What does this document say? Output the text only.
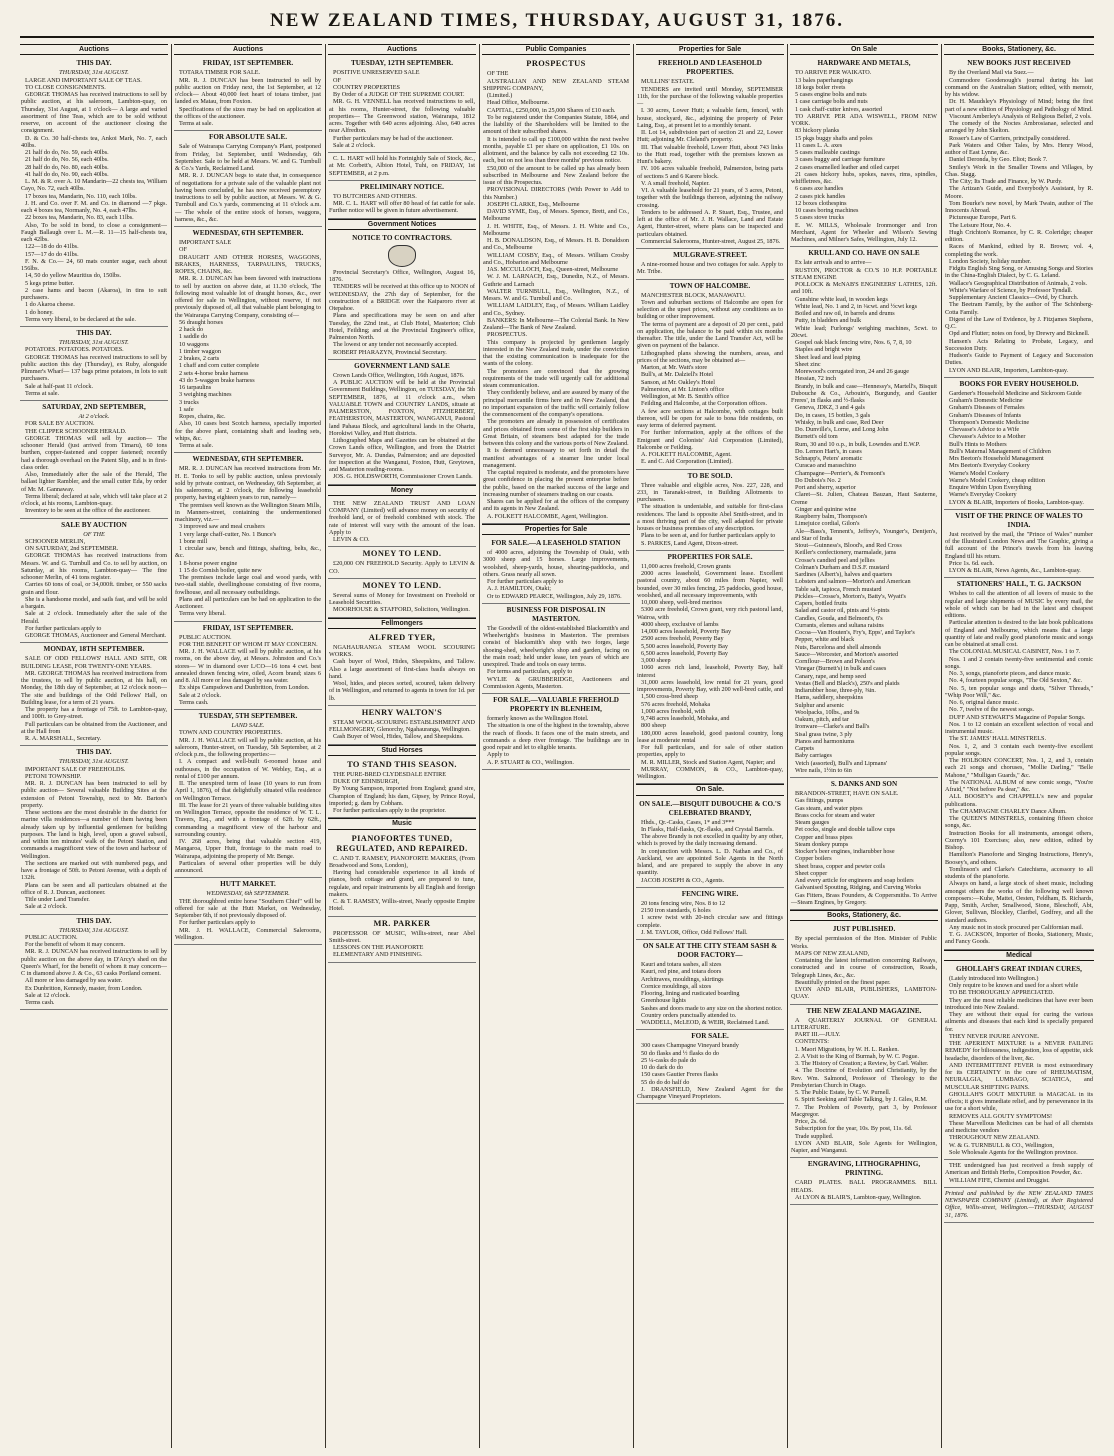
NEW ZEALAND TIMES, THURSDAY, AUGUST 31, 1876.
Auctions
THIS DAY.
THURSDAY, 31st AUGUST.

LARGE AND IMPORTANT SALE OF TEAS.

TO CLOSE CONSIGNMENTS.

GEORGE THOMAS has received instructions to sell by public auction, at his saleroom, Lambton-quay, on Thursday, 31st August, at 1 o'clock— A large and varied assortment of fine Teas, which are to be sold without reserve, on account of the auctioneer closing the consignment.

D. & Co. 30 half-chests tea, Ankoi Mark, No. 7, each 40lbs.

21 half do do, No. 59, each 40lbs.

21 half do do, No. 56, each 40lbs.

28 half do do, No. 80, each 40lbs.

41 half do do, No. 90, each 40lbs.

L. M. & R. over A. 10 Mandarin—22 chests tea, William Cayo, No. 72, each 40lbs.

17 boxes tea, Mandarin, No. 110, each 10lbs.

J. H. and Co. over F. M. and Co. in diamond —7 pkgs. each 4 boxes tea, Normanly, No. 4, each 47lbs.

22 boxes tea, Mandarin, No. 83, each 11lbs.

Also, To be sold in bond, to close a consignment— Faugh Ballaugh over L. M.—R. 11—15 half-chests tea, each 42lbs.

122—18 do do 41lbs.

157—17 do do 41lbs.

F. N. & Co.— 24, 60 mats counter sugar, each about 156lbs.

14, 50 do yellow Mauritius do, 150lbs.

5 kegs prime butter.

2 case hams and bacon (Akaroa), in tins to suit purchasers.

1 do Akaroa cheese.

1 do honey.

Terms very liberal, to be declared at the sale.

THIS DAY.
THURSDAY, 31st AUGUST.

POTATOES. POTATOES. POTATOES.

GEORGE THOMAS has received instructions to sell by public auction this day (Thursday), ex Ruby, alongside Plimmer's Wharf— 137 bags prime potatoes, in lots to suit purchasers.

Sale at half-past 11 o'clock.

Terms at sale.

SATURDAY, 2ND SEPTEMBER,
At 2 o'clock.

FOR SALE BY AUCTION.

THE CLIPPER SCHOONER HERALD.

GEORGE THOMAS will sell by auction— The schooner Herald (just arrived from Timaru), 60 tons burthen, copper-fastened and copper fastened; recently had a thorough overhaul on the Patent Slip, and is in first-class order.

Also, Immediately after the sale of the Herald, The ballast lighter Rambler, and the small cutter Eda, by order of Mr. M. Gannaway.

Terms liberal; declared at sale, which will take place at 2 o'clock, at his rooms, Lambton-quay.

Inventory to be seen at the office of the auctioneer.

SALE BY AUCTION
OF THE

SCHOONER MERLIN,

ON SATURDAY, 2nd SEPTEMBER.

GEORGE THOMAS has received instructions from Messrs. W. and G. Turnbull and Co. to sell by auction, on Saturday, at his rooms, Lambton-quay— The fine schooner Merlin, of 41 tons register.

Carries 60 tons of coal, or 34,000ft. timber, or 550 sacks grain and flour.

She is a handsome model, and sails fast, and will be sold a bargain.

Sale at 2 o'clock. Immediately after the sale of the Herald.

For further particulars apply to

GEORGE THOMAS, Auctioneer and General Merchant.

MONDAY, 18TH SEPTEMBER.

SALE OF ODD FELLOWS' HALL AND SITE, OR BUILDING LEASE, FOR TWENTY-ONE YEARS.

MR. GEORGE THOMAS has received instructions from the trustees, to sell by public auction, at his hall, on Monday, the 18th day of September, at 12 o'clock noon— The site and buildings of the Odd Fellows' Hall, on Building lease, for a term of 21 years.

The property has a frontage of 75ft. to Lambton-quay, and 100ft. to Grey-street.

Full particulars can be obtained from the Auctioneer, and at the Hall from

R. A. MARSHALL, Secretary.

THIS DAY.
THURSDAY, 31st AUGUST.

IMPORTANT SALE OF FREEHOLDS.

PETONI TOWNSHIP.

MR. R. J. DUNCAN has been instructed to sell by public auction— Several valuable Building Sites at the extension of Petoni Township, next to Mr. Barton's property.

These sections are the most desirable in the district for marine villa residences—a number of them having been already taken up by influential gentlemen for building purposes. The land is high, level, upon a gravel subsoil, and within ten minutes' walk of the Petoni Station, and commands a magnificent view of the town and harbour of Wellington.

The sections are marked out with numbered pegs, and have a frontage of 50ft. to Petoni Avenue, with a depth of 132ft.

Plans can be seen and all particulars obtained at the office of R. J. Duncan, auctioneer.

Title under Land Transfer.

Sale at 2 o'clock.

THIS DAY.
THURSDAY, 31st AUGUST.

PUBLIC AUCTION.

For the benefit of whom it may concern.

MR. R. J. DUNCAN has received instructions to sell by public auction on the above day, in D'Arcy's shed on the Queen's Wharf, for the benefit of whom it may concern— C in diamond above J. & Co., 63 casks Portland cement.

All more or less damaged by sea water.

Ex Dunbritton, Kennedy, master, from London.

Sale at 12 o'clock.

Terms cash.

Auctions
FRIDAY, 1ST SEPTEMBER.

TOTARA TIMBER FOR SALE.

MR. R. J. DUNCAN has been instructed to sell by public auction on Friday next, the 1st September, at 12 o'clock— About 40,000 feet heart of totara timber, just landed ex Matau, from Foxton.

Specifications of the sizes may be had on application at the offices of the auctioneer.

Terms at sale.

FOR ABSOLUTE SALE.

Sale of Wairarapa Carrying Company's Plant, postponed from Friday, 1st September, until Wednesday, 6th September. Sale to be held at Messrs. W. and G. Turnbull & Co.'s Yards, Reclaimed Land.

MR. R. J. DUNCAN begs to state that, in consequence of negotiations for a private sale of the valuable plant not having been concluded, he has now received peremptory instructions to sell by public auction, at Messrs. W. & G. Turnbull and Co.'s yards, commencing at 11 o'clock a.m.— The whole of the entire stock of horses, waggons, harness, &c., &c.

WEDNESDAY, 6TH SEPTEMBER.

IMPORTANT SALE

OF

DRAUGHT AND OTHER HORSES, WAGGONS, BRAKES, HARNESS, TARPAULINS, TRUCKS, ROPES, CHAINS, &c.

MR. R. J. DUNCAN has been favored with instructions to sell by auction on above date, at 11.30 o'clock, The following most valuable lot of draught horses, &c., over offered for sale in Wellington, without reserve, if not previously disposed of, all that valuable plant belonging to the Wairarapa Carrying Company, consisting of—

56 draught horses

2 hack do

1 saddle do

10 waggons

1 timber waggon

2 brakes, 2 carts

1 chaff and corn cutter complete

2 sets 4-horse brake harness

43 do 5-waggon brake harness

16 tarpaulins

3 weighing machines

3 trucks

1 safe

Ropes, chains, &c.

Also, 10 cases best Scotch harness, specially imported for the above plant, containing shaft and leading sets, whips, &c.

Terms at sale.

WEDNESDAY, 6TH SEPTEMBER.

MR. R. J. DUNCAN has received instructions from Mr. H. E. Tonks to sell by public auction, unless previously sold by private contract, on Wednesday, 6th September, at his salerooms, at 2 o'clock, the following leasehold property, having eighteen years to run, namely—

The premises well known as the Wellington Steam Mills, in Manners-street, containing the undermentioned machinery, viz.—

3 improved saw and meal crushers

1 very large chaff-cutter, No. 1 Bunce's

1 bone mill

1 circular saw, bench and fittings, shafting, belts, &c., &c.

1 8-horse power engine

1 15 do Cornish boiler, quite new

The premises include large coal and wood yards, with two-stall stable, dwellinghouse consisting of five rooms, fowlhouse, and all necessary outbuildings.

Plans and all particulars can be had on application to the Auctioneer.

Terms very liberal.

FRIDAY, 1ST SEPTEMBER.

PUBLIC AUCTION.

FOR THE BENEFIT OF WHOM IT MAY CONCERN.

MR. J. H. WALLACE will sell by public auction, at his rooms, on the above day, at Messrs. Johnston and Co.'s stores— W in diamond over L/CO—16 tons 4 cwt. best annealed drawn fencing wire, oiled, Acorn brand; sizes 6 and 8. All more or less damaged by sea water.

Ex ships Campsdown and Dunbritton, from London.

Sale at 2 o'clock.

Terms cash.

TUESDAY, 5TH SEPTEMBER.
LAND SALE.

TOWN AND COUNTRY PROPERTIES.

MR. J. H. WALLACE will sell by public auction, at his saleroom, Hunter-street, on Tuesday, 5th September, at 2 o'clock p.m., the following properties:—

I. A compact and well-built 6-roomed house and outhouses, in the occupation of W. Webley, Esq., at a rental of £100 per annum.

II. The unexpired term of lease (10 years to run from April 1, 1876), of that delightfully situated villa residence on Wellington Terrace.

III. The lease for 21 years of three valuable building sites on Wellington Terrace, opposite the residence of W. T. L. Travers, Esq., and with a frontage of 62ft. by 62ft., commanding a magnificent view of the harbour and surrounding country.

IV. 268 acres, being that valuable section 419, Mangaroa, Upper Hutt, frontage to the main road to Wairarapa, adjoining the property of Mr. Benge.

Particulars of several other properties will be duly announced.

HUTT MARKET.
WEDNESDAY, 6th SEPTEMBER.

THE thoroughbred entire horse "Southern Chief" will be offered for sale at the Hutt Market, on Wednesday, September 6th, if not previously disposed of.

For further particulars apply to

MR. J. H. WALLACE, Commercial Salerooms, Wellington.

Auctions
TUESDAY, 12TH SEPTEMBER.

POSITIVE UNRESERVED SALE

OF

COUNTRY PROPERTIES

By Order of a JUDGE OF THE SUPREME COURT.

MR. G. H. VENNELL has received instructions to sell, at his rooms, Hunter-street, the following valuable properties— The Greenwood station, Wairarapa, 1812 acres. Together with 640 acres adjoining. Also, 640 acres near Alfredton.

Further particulars may be had of the auctioneer.

Sale at 2 o'clock.

C. L. HART will hold his Fortnightly Sale of Stock, &c., at Mr. Corbett's, Albion Hotel, Tuhi, on FRIDAY, 1st SEPTEMBER, at 2 p.m.

PRELIMINARY NOTICE.

TO BUTCHERS AND OTHERS.

MR. C. L. HART will offer 80 head of fat cattle for sale. Further notice will be given in future advertisement.

Government Notices
NOTICE TO CONTRACTORS.

Provincial Secretary's Office, Wellington, August 16, 1876.

TENDERS will be received at this office up to NOON of WEDNESDAY, the 27th day of September, for the construction of a BRIDGE over the Kaiparoro river at Otepahoe.

Plans and specifications may be seen on and after Tuesday, the 22nd inst., at Club Hotel, Masterton; Club Hotel, Feilding; and at the Provincial Engineer's office, Palmerston North.

The lowest or any tender not necessarily accepted.

ROBERT PHARAZYN, Provincial Secretary.

GOVERNMENT LAND SALE

Crown Lands Office, Wellington, 16th August, 1876.

A PUBLIC AUCTION will be held at the Provincial Government Buildings, Wellington, on TUESDAY, the 5th SEPTEMBER, 1876, at 11 o'clock a.m., when VALUABLE TOWN and COUNTRY LANDS, situate at PALMERSTON, FOXTON, FITZHERBERT, FEATHERSTON, MASTERTON, WANGANUI, Pastoral land Pahaua Block, and agricultural lands in the Ohariu, Horokiwi Valley, and Hutt districts.

Lithographed Maps and Gazettes can be obtained at the Crown Lands office, Wellington, and from the District Surveyor, Mr. A. Dundas, Palmerston; and are deposited for inspection at the Wanganui, Foxton, Hutt, Greytown, and Masterton reading-rooms.

JOS. G. HOLDSWORTH, Commissioner Crown Lands.

Money

THE NEW ZEALAND TRUST AND LOAN COMPANY (Limited) will advance money on security of freehold land, or of freehold combined with stock. The rate of interest will vary with the amount of the loan. Apply to

LEVIN & CO.

MONEY TO LEND.

£20,000 ON FREEHOLD Security. Apply to LEVIN & CO.

MONEY TO LEND.

Several sums of Money for Investment on Freehold or Leasehold Securities.

MOORHOUSE & STAFFORD, Solicitors, Wellington.

Fellmongers
ALFRED TYER,

NGAHAURANGA STEAM WOOL SCOURING WORKS.

Cash buyer of Wool, Hides, Sheepskins, and Tallow. Also a large assortment of first-class basils always on hand.

Wool, hides, and pieces sorted, scoured, taken delivery of in Wellington, and returned to agents in town for 1d. per lb.

HENRY WALTON'S

STEAM WOOL-SCOURING ESTABLISHMENT AND FELLMONGERY, Glenorchy, Ngahauranga, Wellington.

Cash Buyer of Wool, Hides, Tallow, and Sheepskins.

Stud Horses
TO STAND THIS SEASON.

THE PURE-BRED CLYDESDALE ENTIRE

DUKE OF EDINBURGH,

By Young Sampson, imported from England; grand sire, Champion of England; his dam, Gipsey, by Prince Royal, imported; g. dam by Cobham.

For further particulars apply to the proprietor.

Music
PIANOFORTES TUNED, REGULATED, AND REPAIRED.

C. AND T. RAMSEY, PIANOFORTE MAKERS, (From Broadwood and Sons, London),

Having had considerable experience in all kinds of pianos, both cottage and grand, are prepared to tune, regulate, and repair instruments by all English and foreign makers.

C. & T. RAMSEY, Willis-street, Nearly opposite Empire Hotel.

MR. PARKER

PROFESSOR OF MUSIC, Willis-street, near Abel Smith-street.

LESSONS ON THE PIANOFORTE

ELEMENTARY AND FINISHING.

Public Companies
PROSPECTUS

OF THE

AUSTRALIAN AND NEW ZEALAND STEAM SHIPPING COMPANY,

(Limited.)

Head Office, Melbourne.

CAPITAL, £250,000, in 25,000 Shares of £10 each.

To be registered under the Companies Statute, 1864, and the liability of the Shareholders will be limited to the amount of their subscribed shares.

It is intended to call up £100,000 within the next twelve months, payable £1 per share on application, £1 10s. on allotment, and the balance by calls not exceeding £2 10s. each, but on not less than three months' previous notice.

£50,000 of the amount to be called up has already been subscribed in Melbourne and New Zealand before the issue of this Prospectus.

PROVISIONAL DIRECTORS (With Power to Add to this Number.)

JOSEPH CLARKE, Esq., Melbourne

DAVID SYME, Esq., of Messrs. Spence, Brett, and Co., Melbourne

J. H. WHITE, Esq., of Messrs. J. H. White and Co., Melbourne

H. B. DONALDSON, Esq., of Messrs. H. B. Donaldson and Co., Melbourne

WILLIAM COSBY, Esq., of Messrs. William Crosby and Co., Hobarton and Melbourne

JAS. MCCULLOCH, Esq., Queen-street, Melbourne

W. J. M. LARNACH, Esq., Dunedin, N.Z., of Messrs. Guthrie and Larnach

WALTER TURNBULL, Esq., Wellington, N.Z., of Messrs. W. and G. Turnbull and Co.

WILLIAM LAIDLEY, Esq., of Messrs. William Laidley and Co., Sydney.

BANKERS: In Melbourne—The Colonial Bank. In New Zealand—The Bank of New Zealand.

PROSPECTUS.

This company is projected by gentlemen largely interested in the New Zealand trade, under the conviction that the existing communication is inadequate for the wants of the colony.

The promoters are convinced that the growing requirements of the trade will urgently call for additional steam communication.

They confidently believe, and are assured by many of the principal mercantile firms here and in New Zealand, that no important expansion of the traffic will certainly follow the commencement of the company's operations.

The promoters are already in possession of certificates and prices obtained from some of the first ship builders in Great Britain, of steamers best adapted for the trade between this colony and the various ports of New Zealand.

It is deemed unnecessary to set forth in detail the manifest advantages of a steamer line under local management.

The capital required is moderate, and the promoters have great confidence in placing the present enterprise before the public, based on the marked success of the large and increasing number of steamers trading on our coasts.

Shares can be applied for at the offices of the company and its agents in New Zealand.

A. FOLKETT HALCOMBE, Agent, Wellington.

Properties for Sale
FOR SALE.—A LEASEHOLD STATION

of 4000 acres, adjoining the Township of Otaki, with 3000 sheep and 15 horses. Large improvements, woolshed, sheep-yards, house, shearing-paddocks, and others. Grass nearly all sown.

For further particulars apply to

A. J. HAMILTON, Otaki;

Or to EDWARD PEARCE, Wellington, July 29, 1876.

BUSINESS FOR DISPOSAL IN MASTERTON.

The Goodwill of the oldest-established Blacksmith's and Wheelwright's business in Masterton. The premises consist of blacksmith's shop with two forges, large shoeing-shed, wheelwright's shop and garden, facing on the main road; held under lease, ten years of which are unexpired. Trade and tools on easy terms.

For terms and particulars, apply to

WYLIE & GRUBBERIDGE, Auctioneers and Commission Agents, Masterton.

FOR SALE.—VALUABLE FREEHOLD PROPERTY IN BLENHEIM,

formerly known as the Wellington Hotel.

The situation is one of the highest in the township, above the reach of floods. It faces one of the main streets, and commands a deep river frontage. The buildings are in good repair and let to eligible tenants.

Apply to

A. P. STUART & CO., Wellington.

Properties for Sale
FREEHOLD AND LEASEHOLD PROPERTIES.

MULLINS' ESTATE.

TENDERS are invited until Monday, SEPTEMBER 11th, for the purchase of the following valuable properties—

I. 30 acres, Lower Hutt; a valuable farm, fenced, with house, stockyard, &c., adjoining the property of Peter Laing, Esq., at present let to a monthly tenant.

II. Lot 14, subdivision part of section 21 and 22, Lower Hutt; adjoining Mr. Cleland's property.

III. That valuable freehold, Lower Hutt, about 743 links to the Hutt road, together with the premises known as Hunt's bakery.

IV. 106 acres valuable freehold, Palmerston, being parts of sections 5 and 6 Karere block.

V. A small freehold, Napier.

VI. A valuable leasehold for 21 years, of 3 acres, Petoni, together with the buildings thereon, adjoining the railway crossing.

Tenders to be addressed A. P. Stuart, Esq., Trustee, and left at the office of Mr. J. H. Wallace, Land and Estate Agent, Hunter-street, where plans can be inspected and particulars obtained.

Commercial Salerooms, Hunter-street, August 25, 1876.

MULGRAVE-STREET.

A nine-roomed house and two cottages for sale. Apply to Mr. Tribe.

TOWN OF HALCOMBE.

MANCHESTER BLOCK, MANAWATU.

Town and suburban sections of Halcombe are open for selection at the upset prices, without any conditions as to building or other improvement.

The terms of payment are a deposit of 20 per cent., paid on application, the balance to be paid within six months thereafter. The title, under the Land Transfer Act, will be given on payment of the balance.

Lithographed plans showing the numbers, areas, and prices of the sections, may be obtained at—

Marton, at Mr. Watt's store

Bull's, at Mr. Dalziell's Hotel

Sanson, at Mr. Oakley's Hotel

Palmerston, at Mr. Linton's office

Wellington, at Mr. B. Smith's office

Feilding and Halcombe, at the Corporation offices.

A few acre sections at Halcombe, with cottages built thereon, will be open for sale to bona fide residents, on easy terms of deferred payment.

For further information, apply at the offices of the Emigrant and Colonists' Aid Corporation (Limited), Halcombe or Feilding.

A. FOLKETT HALCOMBE, Agent.

E. and C. Aid Corporation (Limited).

TO BE SOLD.

Three valuable and eligible acres, Nos. 227, 228, and 233, in Taranaki-street, in Building Allotments to purchasers.

The situation is undeniable, and suitable for first-class residences. The land is opposite Abel Smith-street, and in a most thriving part of the city, well adapted for private houses or business premises of any description.

Plans to be seen at, and for further particulars apply to

S. PARKES, Land Agent, Dixon-street.

PROPERTIES FOR SALE.

11,000 acres freehold, Crown grants

2000 acres leasehold, Government lease. Excellent pastoral country, about 60 miles from Napier, well bounded, over 30 miles fencing, 25 paddocks, good house, woolshed, and all necessary improvements, with

10,000 sheep, well-bred merinos

5300 acre freehold, Crown grant, very rich pastoral land, Wairoa, with

4000 sheep, exclusive of lambs

14,000 acres leasehold, Poverty Bay

2500 acres freehold, Poverty Bay

5,500 acres leasehold, Poverty Bay

6,500 acres leasehold, Poverty Bay

3,000 sheep

1060 acres rich land, leasehold, Poverty Bay, half interest

31,000 acres leasehold, low rental for 21 years, good improvements, Poverty Bay, with 200 well-bred cattle, and

1,500 cross-bred sheep

576 acres freehold, Mohaka

1,000 acres freehold, with

9,748 acres leasehold, Mohaka, and

800 sheep

180,000 acres leasehold, good pastoral country, long lease at moderate rental

For full particulars, and for sale of other station properties, apply to

M. R. MILLER, Stock and Station Agent, Napier; and

MURRAY, COMMON, & CO., Lambton-quay, Wellington.

On Sale.
ON SALE.—BISQUIT DUBOUCHE & CO.'S CELEBRATED BRANDY,

Hhds., Qr.-Casks, Cases, 1* and 3***

In Flasks, Half-flasks, Qr.-flasks, and Crystal Barrels.

The above Brandy is not excelled in quality by any other, which is proved by the daily increasing demand.

In conjunction with Messrs. L. D. Nathan and Co., of Auckland, we are appointed Sole Agents in the North Island, and are prepared to supply the above in any quantity.

JACOB JOSEPH & CO., Agents.

FENCING WIRE.

20 tons fencing wire, Nos. 8 to 12

2150 iron standards, 6 holes

1 screw twist with 20-inch circular saw and fittings complete.

J. M. TAYLOR, Office, Odd Fellows' Hall.

ON SALE AT THE CITY STEAM SASH & DOOR FACTORY—

Kauri and totara sashes, all sizes

Kauri, red pine, and totara doors

Architraves, mouldings, skirtings

Cornice mouldings, all sizes

Flooring, lining and rusticated boarding

Greenhouse lights

Sashes and doors made to any size on the shortest notice.

Country orders punctually attended to.

WADDELL, McLEOD, & WEIR, Reclaimed Land.

FOR SALE.

300 cases Champagne Vineyard brandy

50 do flasks and ½ flasks do do

25 ¼-casks do pale do

10 do dark do do

150 cases Gautier Freres flasks

55 do do do half do

J. DRANSFIELD, New Zealand Agent for the Champagne Vineyard Proprietors.

On Sale
HARDWARE AND METALS,

TO ARRIVE PER WAIKATO.

13 bales paperhangings

18 kegs boiler rivets

5 cases engine bolts and nuts

1 case carriage bolts and nuts

1 cask chaff-cutter knives, assorted

TO ARRIVE PER ADA WISWELL, FROM NEW YORK.

83 hickory planks

15 pkgs buggy shafts and poles

11 cases L. A. axes

5 cases malleable castings

3 cases buggy and carriage furniture

2 cases enamelled leather and oiled carpet

21 cases hickory hubs, spokes, naves, rims, spindles, whiffletrees, &c.

6 cases axe handles

2 cases pick handles

12 boxes clothespins

10 cases boring machines

5 cases stove trucks

E. W. MILLS, Wholesale Ironmonger and Iron Merchant, Agent for Wheeler and Wilson's Sewing Machines, and Milner's Safes, Wellington, July 12.

KRULL AND CO. HAVE ON SALE

Ex late arrivals and to arrive—

RUSTON, PROCTOR & CO.'S 10 H.P. PORTABLE STEAM ENGINE

POLLOCK & McNAB'S ENGINEERS' LATHES, 12ft. and 10ft.

Gunshine white lead, in wooden kegs

White lead, No. 1 and 2, in ¼cwt. and ½cwt kegs

Boiled and raw oil, in barrels and drums

Putty, in bladders and bulk

White lead; Furlongs' weighing machines, 5cwt. to 20cwt.

Gospel oak black fencing wire, Nos. 6, 7, 8, 10

Staples and bright wire

Sheet lead and lead piping

Sheet zinc

Morewood's corrugated iron, 24 and 26 gauge

Hessian, 72 inch

Brandy, in bulk and case—Hennessy's, Martell's, Bisquit Dubouche & Co., Arbouin's, Burgundy, and Gautier Freres', in flasks and ½-flasks

Geneva, JDKZ, 3 and 4 gals

Do, in cases, 15 bottles, 3 gals

Whisky, in bulk and case, Red Deer

Do. Dunville's, Lorne, and Long John

Burnett's old tom

Rum, 30 and 10 o.p., in bulk, Lowndes and E.W.P.

Do. Lemon Hart's, in cases

Schnapp's, Peters' aromatic

Curacao and maraschino

Champagne—Perrier's, & Fremont's

Do Dubois's No. 2

Port and sherry, superior

Claret—St. Julien, Chateau Bauzan, Haut Sauterne, Creme

Ginger and quinine wine

Raspberry balm, Thompson's

Limejuice cordial, Gilon's

Ale—Bass's, Tennent's, Jeffrey's, Younger's, Dentjen's, and Star of India

Stout—Guinness's, Blood's, and Red Cross

Keiller's confectionery, marmalade, jams

Crosse's candied peel and jellies

Colman's Durham and D.S.F. mustard

Sardines (Albert's), halves and quarters

Lobsters and salmon—Morton's and American

Table salt, tapioca, French mustard

Pickles—Crosse's, Morton's, Batty's, Wyatt's

Capers, bottled fruits

Salad and castor oil, pints and ½-pints

Candles, Gouda, and Belmont's, 6's

Currants, elemes and sultana raisins

Cocoa—Van Houten's, Fry's, Epps', and Taylor's

Pepper, white and black

Nuts, Barcelona and shell almonds

Sauce—Worcester, and Morton's assorted

Cornflour—Brown and Polson's

Vinegar (Burnett's) in bulk and cases

Canary, rape, and hemp seed

Vestas (Bell and Black's), 250's and plaids

Indiarubber hose, three-ply, ⅜in.

Hams, saddlery, sheepskins

Sulphur and arsenic

Woolpacks, 10lbs., and 9s

Oakum, pitch, and tar

Ironware—Clarke's and Ball's

Sisal grass twine, 3 ply

Pianos and harmoniums

Carpets

Baby carriages

Vetch (assorted), Bull's and Lipmans'

Wire nails, 1½in to 6in

S. DANKS AND SON

BRANDON-STREET, HAVE ON SALE.

Gas fittings, pumps

Gas steam, and water pipes

Brass cocks for steam and water

Steam gauges

Pet cocks, single and double tallow cups

Copper and brass pipes

Steam donkey pumps

Stocker's beer engines, indiarubber hose

Copper boilers

Sheet brass, copper and pewter coils

Sheet copper

And every article for engineers and soap boilers

Galvanised Spouting, Ridging, and Curving Works

Gas Fitters, Brass Founders, & Coppersmiths. To Arrive—Steam Engines, by Gregory.

Books, Stationery, &c.
JUST PUBLISHED.

By special permission of the Hon. Minister of Public Works.

MAPS OF NEW ZEALAND,

Containing the latest information concerning Railways, constructed and in course of construction, Roads, Telegraph Lines, &c., &c.

Beautifully printed on the finest paper.

LYON AND BLAIR, PUBLISHERS, LAMBTON-QUAY.

THE NEW ZEALAND MAGAZINE.

A QUARTERLY JOURNAL OF GENERAL LITERATURE.

PART III.—JULY.

CONTENTS:

1. Maori Migrations, by W. H. L. Ranken.

2. A Visit to the King of Burmah, by W. C. Pogue.

3. The History of Creation; a Review, by Carl. Walter.

4. The Doctrine of Evolution and Christianity, by the Rev. Wm. Salmond, Professor of Theology to the Presbyterian Church in Otago.

5. The Public Estate, by C. W. Purnell.

6. Spirit Seeking and Table Talking, by J. Giles, R.M.

7. The Problem of Poverty, part 3, by Professor Macgregor.

Price, 2s. 6d.

Subscription for the year, 10s. By post, 11s. 6d.

Trade supplied.

LYON AND BLAIR, Sole Agents for Wellington, Napier, and Wanganui.

ENGRAVING, LITHOGRAPHING, PRINTING.

CARD PLATES. BALL PROGRAMMES. BILL HEADS.

At LYON & BLAIR'S, Lambton-quay, Wellington.

Books, Stationery, &c.
NEW BOOKS JUST RECEIVED

By the Overland Mail via Suez.—

Commodore Goodenough's journal during his last command on the Australian Station; edited, with memoir, by his widow.

Dr. H. Maudsley's Physiology of Mind; being the first part of a new edition of Physiology and Pathology of Mind.

Viscount Amberley's Analysis of Religious Belief, 2 vols.

The comedy of the Noctes Ambrosianae, selected and arranged by John Skelton.

Rosser's Law of Carriers, principally considered.

Park Waters and Other Tales, by Mrs. Henry Wood, author of East Lynne, &c.

Daniel Deronda, by Geo. Eliot; Book 7.

Smiley's Work in the Smaller Towns and Villages, by Chas. Stagg.

The City; Its Trade and Finance, by W. Purdy.

The Artizan's Guide, and Everybody's Assistant, by R. Moore.

Tom Bourke's new novel, by Mark Twain, author of The Innocents Abroad.

Picturesque Europe, Part 6.

The Leisure Hour, No. 4.

Hugh Crichton's Romance, by C. R. Coleridge; cheaper edition.

Races of Mankind, edited by R. Brown; vol. 4, completing the work.

London Society, holiday number.

Fidgits English Sing Song, or Amusing Songs and Stories in the China-English Dialect, by C. G. Leland.

Wallace's Geographical Distribution of Animals, 2 vols.

White's Warfare of Science, by Professor Tyndall.

Supplementary Ancient Classics—Ovid, by Church.

The Beetram Family, by the author of The Schönberg-Cotta Family.

Digest of the Law of Evidence, by J. Fitzjames Stephens, Q.C.

Opd and Flutter; notes on food, by Drewry and Bicknell.

Hansen's Acts Relating to Probate, Legacy, and Succession Duty.

Hudson's Guide to Payment of Legacy and Succession Duties.

LYON AND BLAIR, Importers, Lambton-quay.

BOOKS FOR EVERY HOUSEHOLD.

Gardener's Household Medicine and Sickroom Guide

Graham's Domestic Medicine

Graham's Diseases of Females

Graham's Diseases of Infants

Thompson's Domestic Medicine

Chevasse's Advice to a Wife

Chevasse's Advice to a Mother

Bull's Hints to Mothers

Bull's Maternal Management of Children

Mrs Beeton's Household Management

Mrs Beeton's Everyday Cookery

Warne's Model Cookery

Warne's Model Cookery, cheap edition

Enquire Within Upon Everything

Warne's Everyday Cookery

LYON & BLAIR, Importers of Books, Lambton-quay.

VISIT OF THE PRINCE OF WALES TO INDIA.

Just received by the mail, the "Prince of Wales" number of the Illustrated London News and The Graphic, giving a full account of the Prince's travels from his leaving England till his return.

Price 1s. 6d. each.

LYON & BLAIR, News Agents, &c., Lambton-quay.

STATIONERS' HALL, T. G. JACKSON

Wishes to call the attention of all lovers of music to the regular and large shipments of MUSIC by every mail, the whole of which can be had in the latest and cheapest editions.

Particular attention is desired to the late book publications of England and Melbourne, which means that a large quantity of late and really good pianoforte music and songs can be obtained at small cost.

The COLONIAL MUSICAL CABINET, Nos. 1 to 7.

Nos. 1 and 2 contain twenty-five sentimental and comic songs.

No. 3, songs, pianoforte pieces, and dance music.

No. 4, fourteen popular songs, "The Old Sexton," &c.

No. 5, ten popular songs and duets, "Silver Threads," "Whip Poor Will," &c.

No. 6, original dance music.

No. 7, twelve of the newest songs.

DUFF AND STEWART'S Magazine of Popular Songs.

Nos. 1 to 12 contain an excellent selection of vocal and instrumental music.

The ST. JAMES' HALL MINSTRELS.

Nos. 1, 2, and 3 contain each twenty-five excellent popular songs.

The HOLBORN CONCERT, Nos. 1, 2, and 3, contain each 21 songs and choruses, "Mollie Darling," "Belle Mahone," "Mulligan Guards," &c.

The NATIONAL ALBUM of new comic songs, "You're Afraid," "Not before Pa dear," &c.

ALL BOOSEY's and CHAPPELL's new and popular publications.

The CHAMPAGNE CHARLEY Dance Album.

The QUEEN'S MINSTRELS, containing fifteen choice songs, &c.

Instruction Books for all instruments, amongst others, Czerny's 101 Exercises; also, new edition, edited by Bishop.

Hamilton's Pianoforte and Singing Instructions, Henry's, Boosey's, and others.

Tomlinson's and Clarke's Catechisms, accessory to all students of the pianoforte.

Always on hand, a large stock of sheet music, including amongst others the works of the following well known composers:—Kuhe, Mattei, Oesten, Feldham, B. Richards, Papp, Smith, Archer, Smallwood, Stone, Bleschoff, Abt, Glover, Sullivan, Blockley, Claribel, Godfrey, and all the standard authors.

Any music not in stock procured per Californian mail.

T. G. JACKSON, Importer of Books, Stationery, Music, and Fancy Goods.

Medical
GHOLLAH'S GREAT INDIAN CURES,

(Lately introduced into Wellington.)

Only require to be known and used for a short while

TO BE THOROUGHLY APPRECIATED.

They are the most reliable medicines that have ever been introduced into New Zealand.

They are without their equal for curing the various ailments and diseases that each kind is specially prepared for.

THEY NEVER INJURE ANYONE.

THE APERIENT MIXTURE is a NEVER FAILING REMEDY for biliousness, indigestion, loss of appetite, sick headache, disorders of the liver, &c.

AND INTERMITTENT FEVER is most extraordinary for its CERTAINTY in the cure of RHEUMATISM, NEURALGIA, LUMBAGO, SCIATICA, and MUSCULAR SHIFTING PAINS.

GHOLLAH'S GOUT MIXTURE is MAGICAL in its effects; it gives immediate relief, and by perseverance in its use for a short while,

REMOVES ALL GOUTY SYMPTOMS!

These Marvellous Medicines can be had of all chemists and medicine vendors

THROUGHOUT NEW ZEALAND.

W. & G. TURNBULL & CO., Wellington,

Sole Wholesale Agents for the Wellington province.

THE undersigned has just received a fresh supply of American and British Herbs, Composition Powder, &c.

WILLIAM FIFE, Chemist and Druggist.

Printed and published by the NEW ZEALAND TIMES NEWSPAPER COMPANY (Limited), at their Registered Office, Willis-street, Wellington.—THURSDAY, AUGUST 31, 1876.
